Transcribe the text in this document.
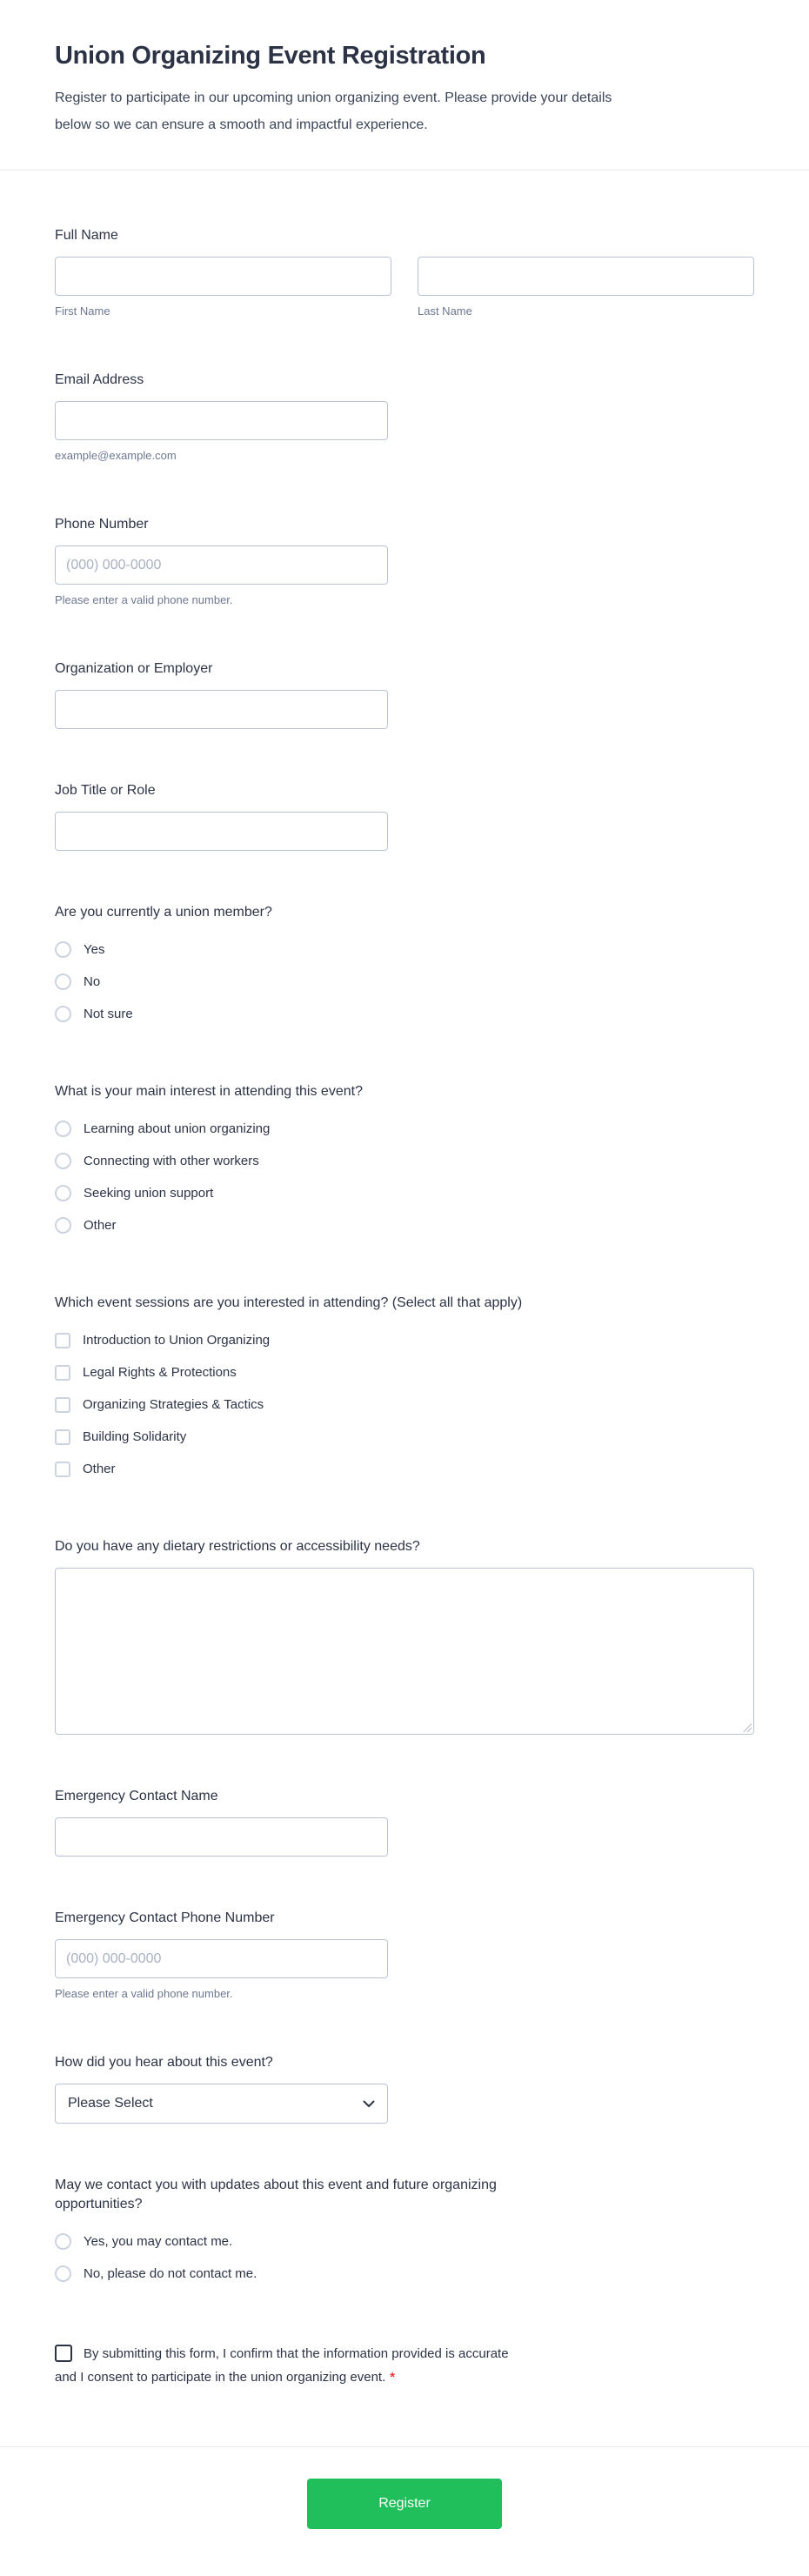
Union Organizing Event Registration
Register to participate in our upcoming union organizing event. Please provide your details below so we can ensure a smooth and impactful experience.
Full Name
First Name	Last Name
Email Address
example@example.com
Phone Number
(000) 000-0000
Please enter a valid phone number.
Organization or Employer
Job Title or Role
Are you currently a union member?
Yes
No
Not sure
What is your main interest in attending this event?
Learning about union organizing
Connecting with other workers
Seeking union support
Other
Which event sessions are you interested in attending? (Select all that apply)
Introduction to Union Organizing
Legal Rights & Protections
Organizing Strategies & Tactics
Building Solidarity
Other
Do you have any dietary restrictions or accessibility needs?
Emergency Contact Name
Emergency Contact Phone Number
(000) 000-0000
Please enter a valid phone number.
How did you hear about this event?
Please Select
May we contact you with updates about this event and future organizing opportunities?
Yes, you may contact me.
No, please do not contact me.
By submitting this form, I confirm that the information provided is accurate and I consent to participate in the union organizing event. *
Register
